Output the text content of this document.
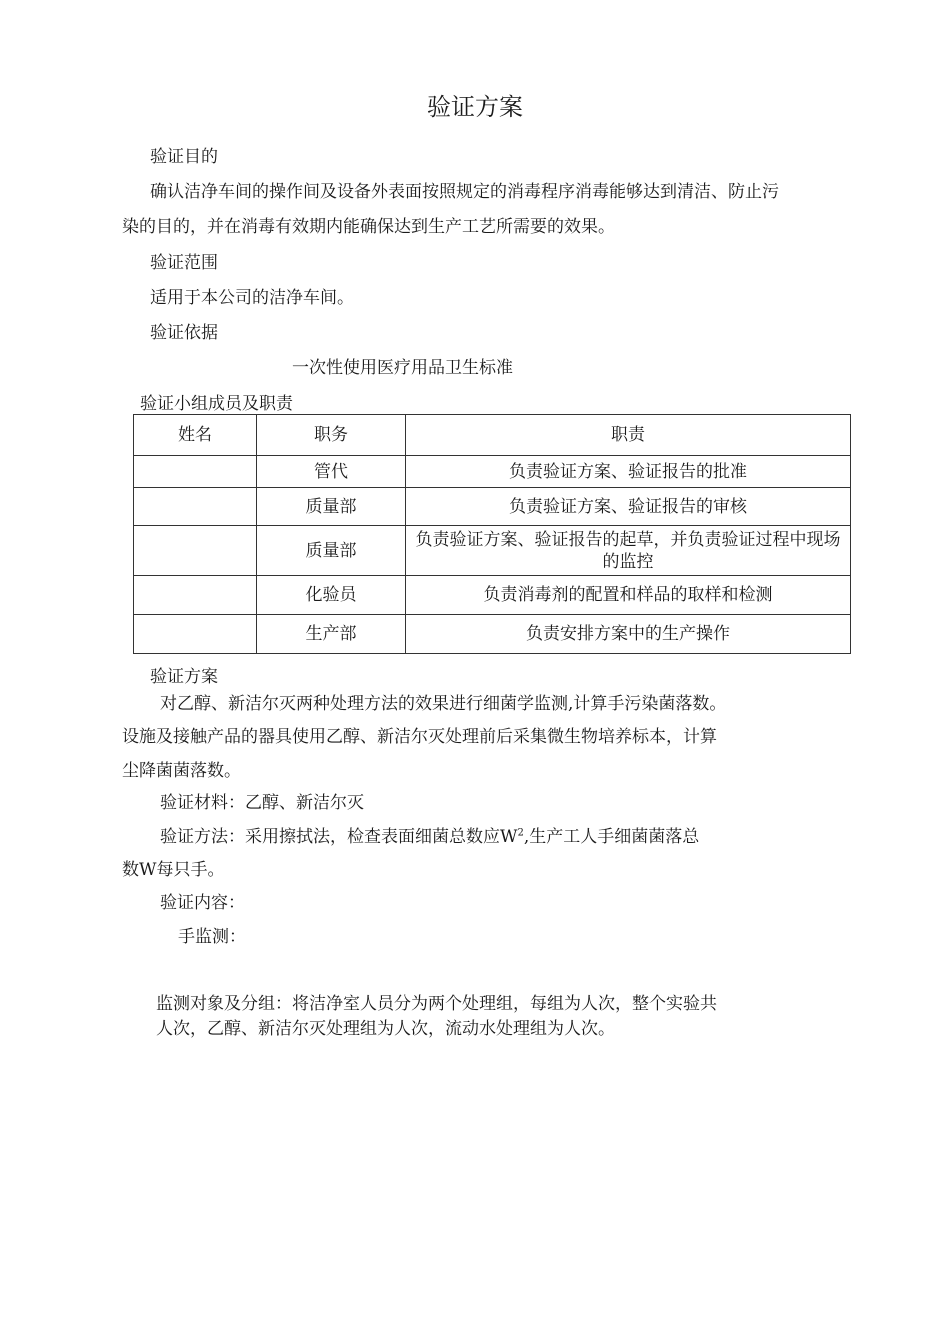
验证方案
验证目的
确认洁净车间的操作间及设备外表面按照规定的消毒程序消毒能够达到清洁、防止污
染的目的，并在消毒有效期内能确保达到生产工艺所需要的效果。
验证范围
适用于本公司的洁净车间。
验证依据
一次性使用医疗用品卫生标准
验证小组成员及职责
姓名	职务	职责
	管代	负责验证方案、验证报告的批准
	质量部	负责验证方案、验证报告的审核
	质量部	负责验证方案、验证报告的起草，并负责验证过程中现场的监控
	化验员	负责消毒剂的配置和样品的取样和检测
	生产部	负责安排方案中的生产操作
验证方案
对乙醇、新洁尔灭两种处理方法的效果进行细菌学监测,计算手污染菌落数。
设施及接触产品的器具使用乙醇、新洁尔灭处理前后采集微生物培养标本，计算
尘降菌菌落数。
验证材料：乙醇、新洁尔灭
验证方法：采用擦拭法，检查表面细菌总数应$W^2$,生产工人手细菌菌落总
数W每只手。
验证内容：
手监测：
监测对象及分组：将洁净室人员分为两个处理组，每组为人次，整个实验共
人次，乙醇、新洁尔灭处理组为人次，流动水处理组为人次。
